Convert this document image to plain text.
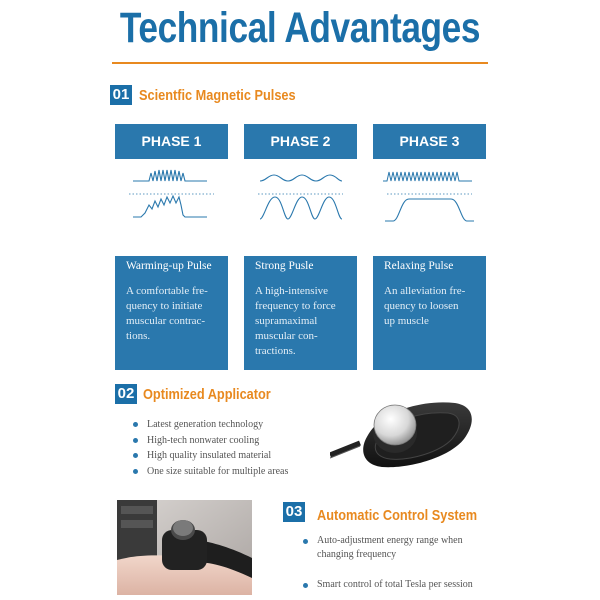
Technical Advantages
01 Scientfic Magnetic Pulses
PHASE 1
Warming-up Pulse
A comfortable fre-
quency to initiate
muscular contrac-
tions.
PHASE 2
Strong Pusle
A high-intensive
frequency to force
supramaximal
muscular con-
tractions.
PHASE 3
Relaxing Pulse
An alleviation fre-
quency to loosen
up muscle
02 Optimized Applicator
Latest generation technology
High-tech nonwater cooling
High quality insulated material
One size suitable for multiple areas
03 Automatic Control System
Auto-adjustment energy range when
changing frequency
Smart control of total Tesla per session
